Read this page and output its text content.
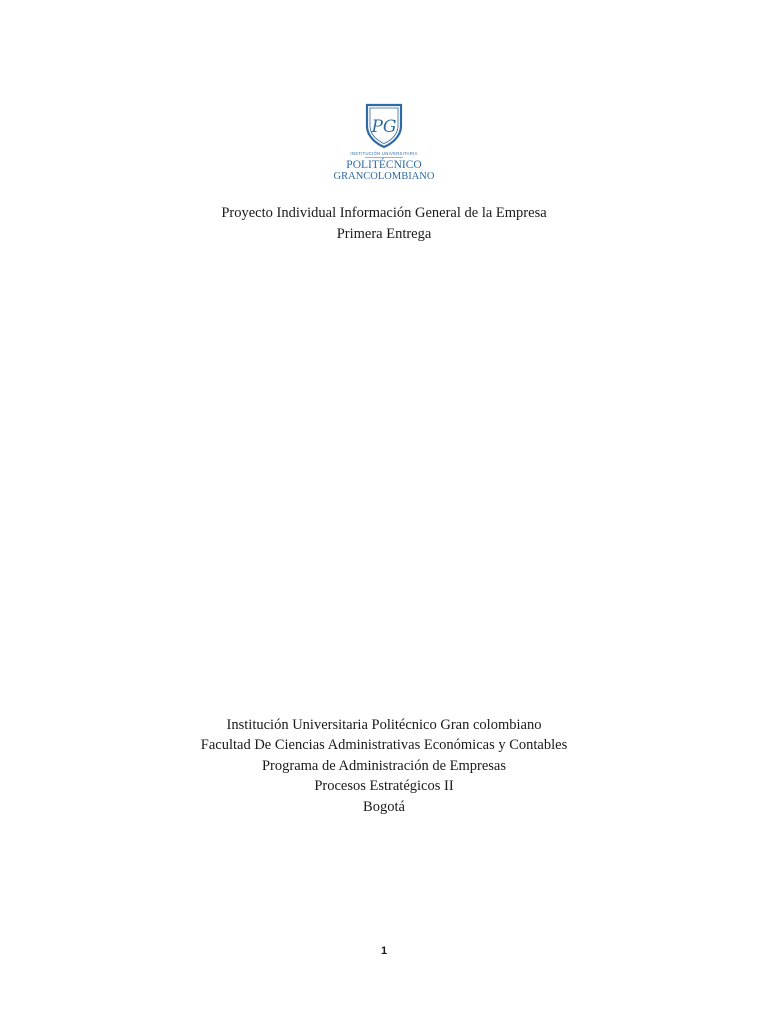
PG
INSTITUCIÓN UNIVERSITARIA
POLITÉCNICO
GRANCOLOMBIANO
Proyecto Individual Información General de la Empresa
Primera Entrega
Institución Universitaria Politécnico Gran colombiano
Facultad De Ciencias Administrativas Económicas y Contables
Programa de Administración de Empresas
Procesos Estratégicos II
Bogotá
1
